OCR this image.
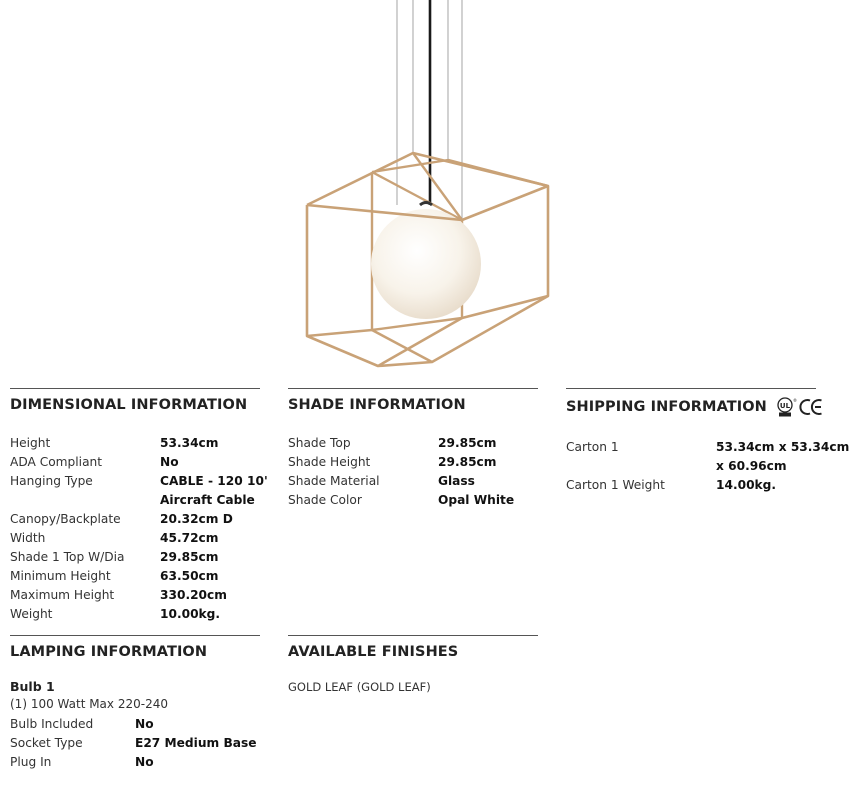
DIMENSIONAL INFORMATION
Height	53.34cm
ADA Compliant	No
Hanging Type	CABLE - 120 10'
Aircraft Cable
Canopy/Backplate	20.32cm D
Width	45.72cm
Shade 1 Top W/Dia	29.85cm
Minimum Height	63.50cm
Maximum Height	330.20cm
Weight	10.00kg.
SHADE INFORMATION
Shade Top	29.85cm
Shade Height	29.85cm
Shade Material	Glass
Shade Color	Opal White
SHIPPING INFORMATION UL
®
Carton 1	53.34cm x 53.34cm
x 60.96cm
Carton 1 Weight	14.00kg.
LAMPING INFORMATION
Bulb 1
(1) 100 Watt Max 220-240
Bulb Included	No
Socket Type	E27 Medium Base
Plug In	No
AVAILABLE FINISHES
GOLD LEAF (GOLD LEAF)
